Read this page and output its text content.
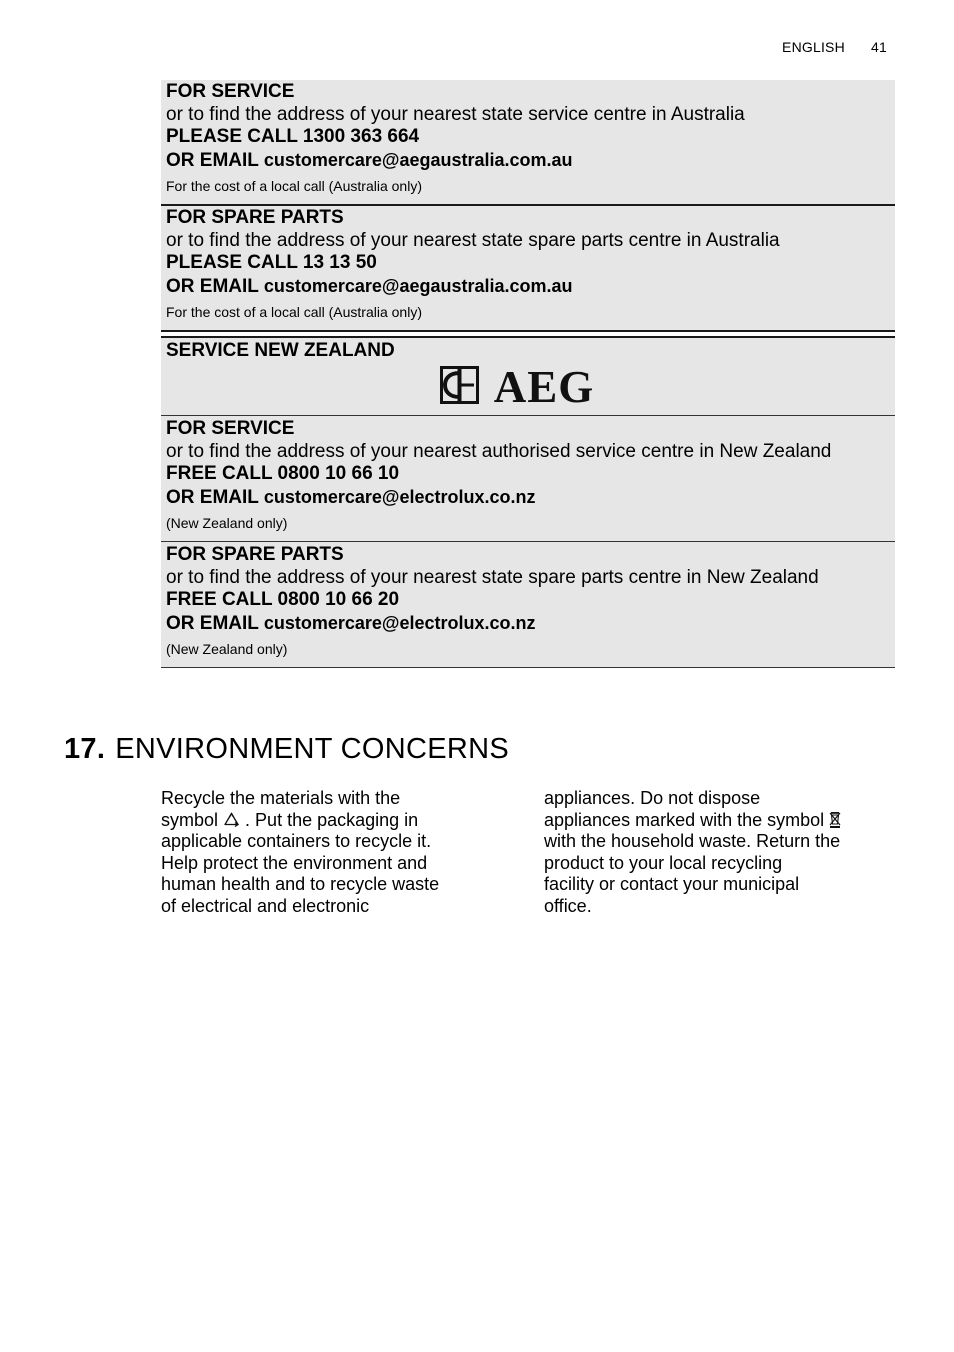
ENGLISH 41
FOR SERVICE
or to find the address of your nearest state service centre in Australia
PLEASE CALL 1300 363 664
OR EMAIL customercare@aegaustralia.com.au
For the cost of a local call (Australia only)
FOR SPARE PARTS
or to find the address of your nearest state spare parts centre in Australia
PLEASE CALL 13 13 50
OR EMAIL customercare@aegaustralia.com.au
For the cost of a local call (Australia only)
SERVICE NEW ZEALAND
AEG
FOR SERVICE
or to find the address of your nearest authorised service centre in New Zealand
FREE CALL 0800 10 66 10
OR EMAIL customercare@electrolux.co.nz
(New Zealand only)
FOR SPARE PARTS
or to find the address of your nearest state spare parts centre in New Zealand
FREE CALL 0800 10 66 20
OR EMAIL customercare@electrolux.co.nz
(New Zealand only)
17. ENVIRONMENT CONCERNS
Recycle the materials with the
symbol . Put the packaging in
applicable containers to recycle it.
Help protect the environment and
human health and to recycle waste
of electrical and electronic
appliances. Do not dispose
appliances marked with the symbol
with the household waste. Return the
product to your local recycling
facility or contact your municipal
office.
